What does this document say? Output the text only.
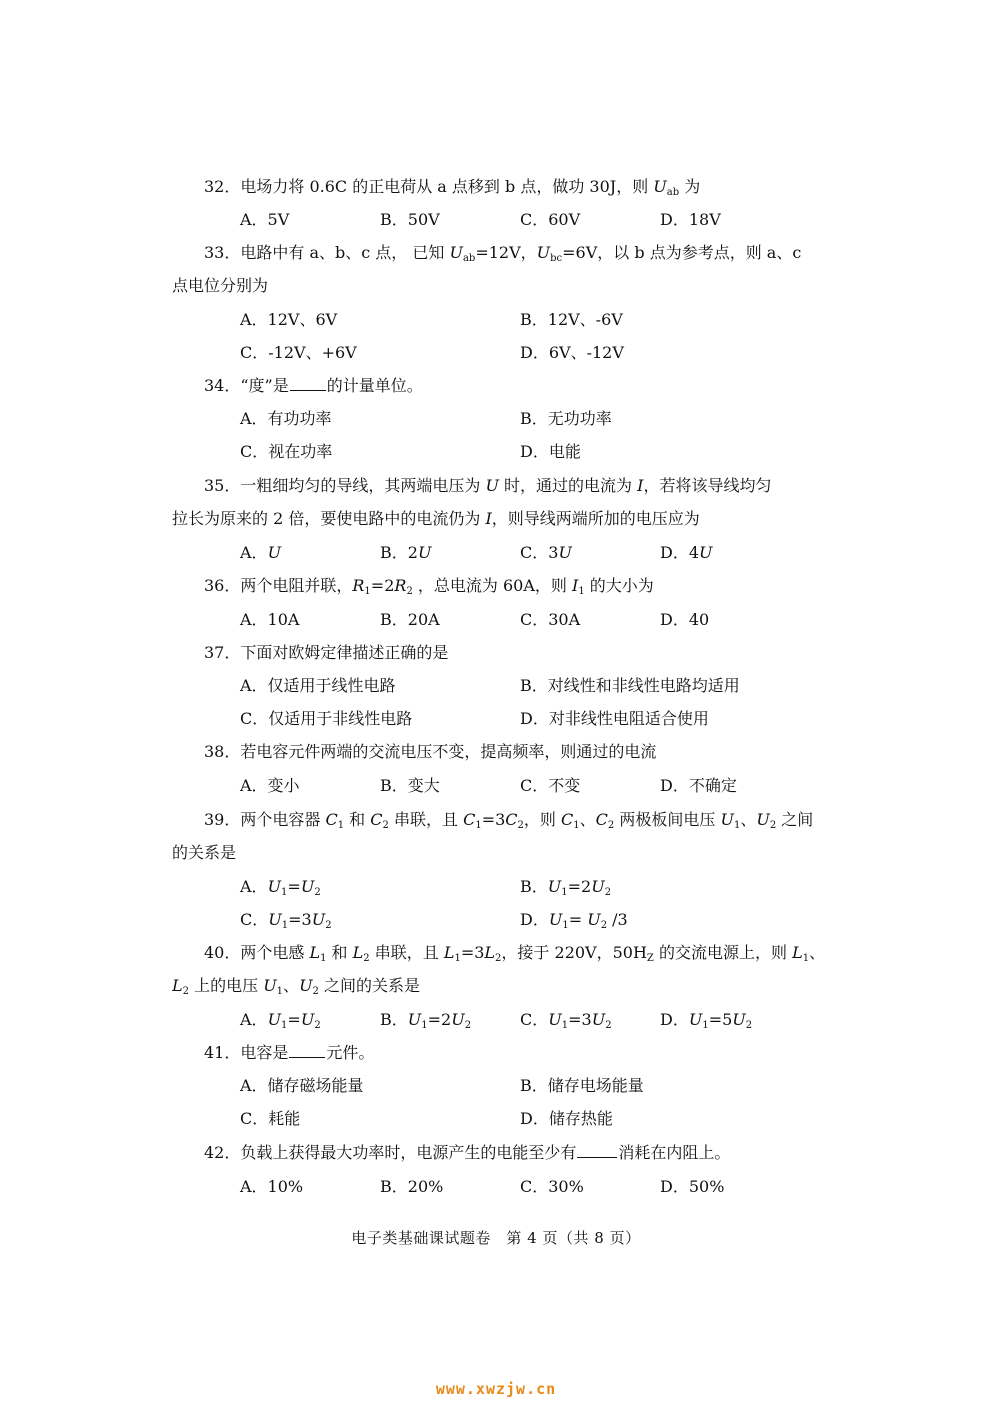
32．电场力将 0.6C 的正电荷从 a 点移到 b 点，做功 30J，则 $U_{ab}$ 为
A．5V	B．50V	C．60V	D．18V
33．电路中有 a、b、c 点， 已知 $U_{ab}=12V$，$U_{bc}=6V$，以 b 点为参考点，则 a、c
点电位分别为
A．12V、6V	B．12V、-6V
C．-12V、+6V	D．6V、-12V
34．“度”是 的计量单位。
A．有功功率	B．无功功率
C．视在功率	D．电能
35．一粗细均匀的导线，其两端电压为 U 时，通过的电流为 I，若将该导线均匀
拉长为原来的 2 倍，要使电路中的电流仍为 I，则导线两端所加的电压应为
A．U	B．2U	C．3U	D．4U
36．两个电阻并联，$R_1=2R_2$ ，总电流为 60A，则 $I_1$ 的大小为
A．10A	B．20A	C．30A	D．40
37．下面对欧姆定律描述正确的是
A．仅适用于线性电路	B．对线性和非线性电路均适用
C．仅适用于非线性电路	D．对非线性电阻适合使用
38．若电容元件两端的交流电压不变，提高频率，则通过的电流
A．变小	B．变大	C．不变	D．不确定
39．两个电容器 $C_1$ 和 $C_2$ 串联，且 $C_1=3C_2$，则 $C_1$、$C_2$ 两极板间电压 $U_1$、$U_2$ 之间
的关系是
A．$U_1=U_2$	B．$U_1=2U_2$
C．$U_1=3U_2$	D．$U_1= U_2$ /3
40．两个电感 $L_1$ 和 $L_2$ 串联，且 $L_1=3L_2$，接于 220V，$50H_Z$ 的交流电源上，则 $L_1$、
$L_2$ 上的电压 $U_1$、$U_2$ 之间的关系是
A．$U_1=U_2$	B．$U_1=2U_2$	C．$U_1=3U_2$	D．$U_1=5U_2$
41．电容是 元件。
A．储存磁场能量	B．储存电场能量
C．耗能	D．储存热能
42．负载上获得最大功率时，电源产生的电能至少有	消耗在内阻上。
A．10%	B．20%	C．30%	D．50%
电子类基础课试题卷　第 4 页（共 8 页）
www.xwzjw.cn
